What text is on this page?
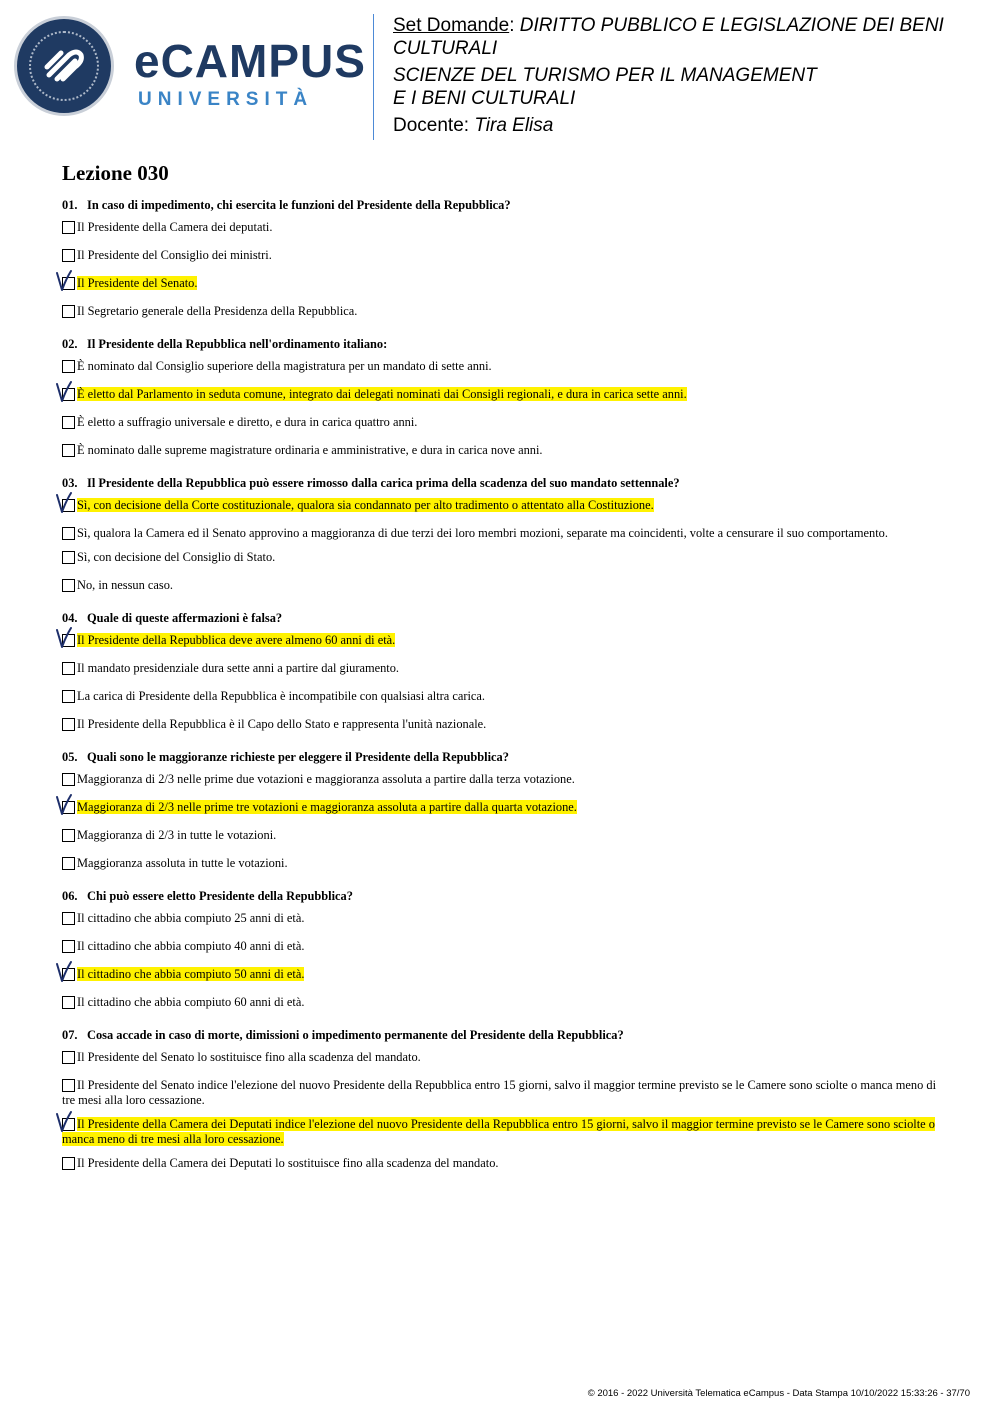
eCAMPUS
UNIVERSITÀ

Set Domande: DIRITTO PUBBLICO E LEGISLAZIONE DEI BENI

CULTURALI

SCIENZE DEL TURISMO PER IL MANAGEMENT

E I BENI CULTURALI

Docente: Tira Elisa

Lezione 030

01. In caso di impedimento, chi esercita le funzioni del Presidente della Repubblica?

Il Presidente della Camera dei deputati.

Il Presidente del Consiglio dei ministri.

Il Presidente del Senato.

Il Segretario generale della Presidenza della Repubblica.

02. Il Presidente della Repubblica nell'ordinamento italiano:

È nominato dal Consiglio superiore della magistratura per un mandato di sette anni.

È eletto dal Parlamento in seduta comune, integrato dai delegati nominati dai Consigli regionali, e dura in carica sette anni.

È eletto a suffragio universale e diretto, e dura in carica quattro anni.

È nominato dalle supreme magistrature ordinaria e amministrative, e dura in carica nove anni.

03. Il Presidente della Repubblica può essere rimosso dalla carica prima della scadenza del suo mandato settennale?

Sì, con decisione della Corte costituzionale, qualora sia condannato per alto tradimento o attentato alla Costituzione.

Sì, qualora la Camera ed il Senato approvino a maggioranza di due terzi dei loro membri mozioni, separate ma coincidenti, volte a censurare il suo comportamento.

Sì, con decisione del Consiglio di Stato.

No, in nessun caso.

04. Quale di queste affermazioni è falsa?

Il Presidente della Repubblica deve avere almeno 60 anni di età.

Il mandato presidenziale dura sette anni a partire dal giuramento.

La carica di Presidente della Repubblica è incompatibile con qualsiasi altra carica.

Il Presidente della Repubblica è il Capo dello Stato e rappresenta l'unità nazionale.

05. Quali sono le maggioranze richieste per eleggere il Presidente della Repubblica?

Maggioranza di 2/3 nelle prime due votazioni e maggioranza assoluta a partire dalla terza votazione.

Maggioranza di 2/3 nelle prime tre votazioni e maggioranza assoluta a partire dalla quarta votazione.

Maggioranza di 2/3 in tutte le votazioni.

Maggioranza assoluta in tutte le votazioni.

06. Chi può essere eletto Presidente della Repubblica?

Il cittadino che abbia compiuto 25 anni di età.

Il cittadino che abbia compiuto 40 anni di età.

Il cittadino che abbia compiuto 50 anni di età.

Il cittadino che abbia compiuto 60 anni di età.

07. Cosa accade in caso di morte, dimissioni o impedimento permanente del Presidente della Repubblica?

Il Presidente del Senato lo sostituisce fino alla scadenza del mandato.

Il Presidente del Senato indice l'elezione del nuovo Presidente della Repubblica entro 15 giorni, salvo il maggior termine previsto se le Camere sono sciolte o manca meno di tre mesi alla loro cessazione.

Il Presidente della Camera dei Deputati indice l'elezione del nuovo Presidente della Repubblica entro 15 giorni, salvo il maggior termine previsto se le Camere sono sciolte o manca meno di tre mesi alla loro cessazione.

Il Presidente della Camera dei Deputati lo sostituisce fino alla scadenza del mandato.

© 2016 - 2022 Università Telematica eCampus - Data Stampa 10/10/2022 15:33:26 - 37/70
